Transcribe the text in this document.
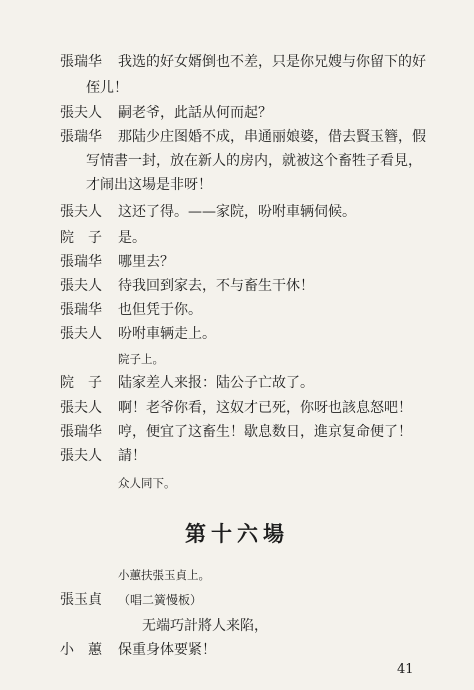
張瑞华 我选的好女婿倒也不差，只是你兄嫂与你留下的好
侄儿！
張夫人 嗣老爷，此話从何而起？
張瑞华 那陆少庄图婚不成，串通丽娘婆，借去賢玉簪，假
写情書一封，放在新人的房内，就被这个畜牲子看見，
才闹出这場是非呀！
張夫人 这还了得。——家院，吩咐車辆伺候。
院　子 是。
張瑞华 哪里去？
張夫人 待我回到家去，不与畜生干休！
張瑞华 也但凭于你。
張夫人 吩咐車辆走上。
院子上。
院　子 陆家差人来报：陆公子亡故了。
張夫人 啊！老爷你看，这奴才已死，你呀也該息怒吧！
張瑞华 哼，便宜了这畜生！歇息数日，進京复命便了！
張夫人 請！
众人同下。
第十六場
小蕙扶張玉貞上。
張玉貞 （唱二簧慢板）
无端巧計將人来陷，
小　蕙 保重身体要紧！
41
